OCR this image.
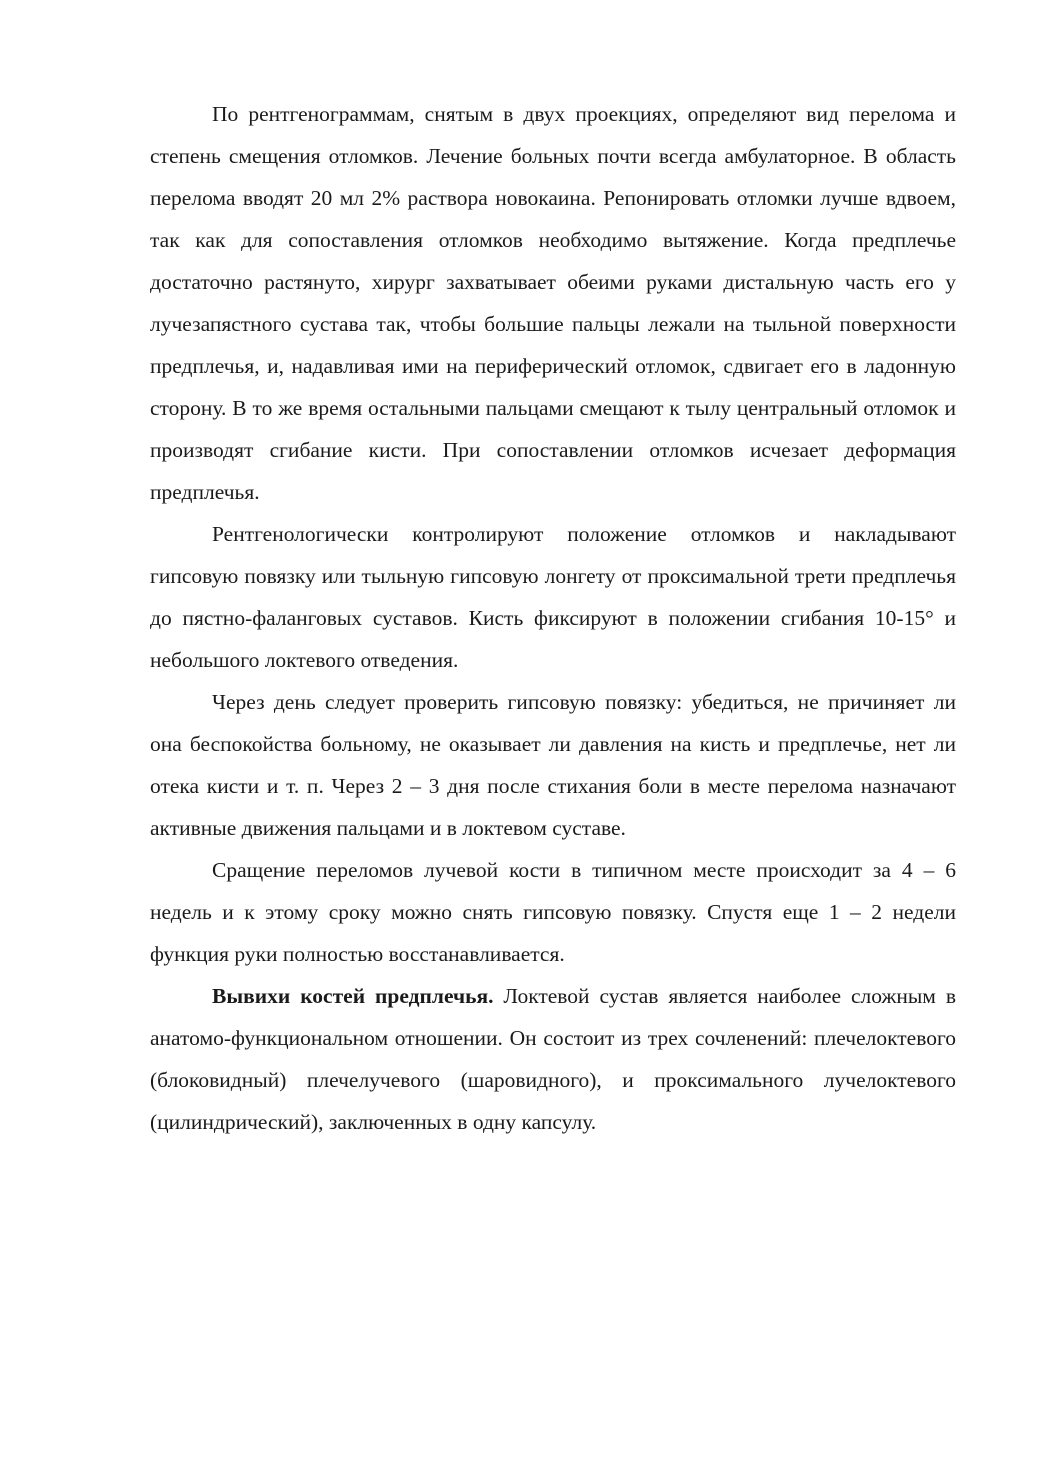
По рентгенограммам, снятым в двух проекциях, определяют вид перелома и степень смещения отломков. Лечение больных почти всегда амбулаторное. В область перелома вводят 20 мл 2% раствора новокаина. Репонировать отломки лучше вдвоем, так как для сопоставления отломков необходимо вытяжение. Когда предплечье достаточно растянуто, хирург захватывает обеими руками дистальную часть его у лучезапястного сустава так, чтобы большие пальцы лежали на тыльной поверхности предплечья, и, надавливая ими на периферический отломок, сдвигает его в ладонную сторону. В то же время остальными пальцами смещают к тылу центральный отломок и производят сгибание кисти. При сопоставлении отломков исчезает деформация предплечья.

Рентгенологически контролируют положение отломков и накладывают гипсовую повязку или тыльную гипсовую лонгету от проксимальной трети предплечья до пястно-фаланговых суставов. Кисть фиксируют в положении сгибания 10-15° и небольшого локтевого отведения.

Через день следует проверить гипсовую повязку: убедиться, не причиняет ли она беспокойства больному, не оказывает ли давления на кисть и предплечье, нет ли отека кисти и т. п. Через 2 – 3 дня после стихания боли в месте перелома назначают активные движения пальцами и в локтевом суставе.

Сращение переломов лучевой кости в типичном месте происходит за 4 – 6 недель и к этому сроку можно снять гипсовую повязку. Спустя еще 1 – 2 недели функция руки полностью восстанавливается.

Вывихи костей предплечья. Локтевой сустав является наиболее сложным в анатомо-функциональном отношении. Он состоит из трех сочленений: плечелоктевого (блоковидный) плечелучевого (шаровидного), и проксимального лучелоктевого (цилиндрический), заключенных в одну капсулу.
